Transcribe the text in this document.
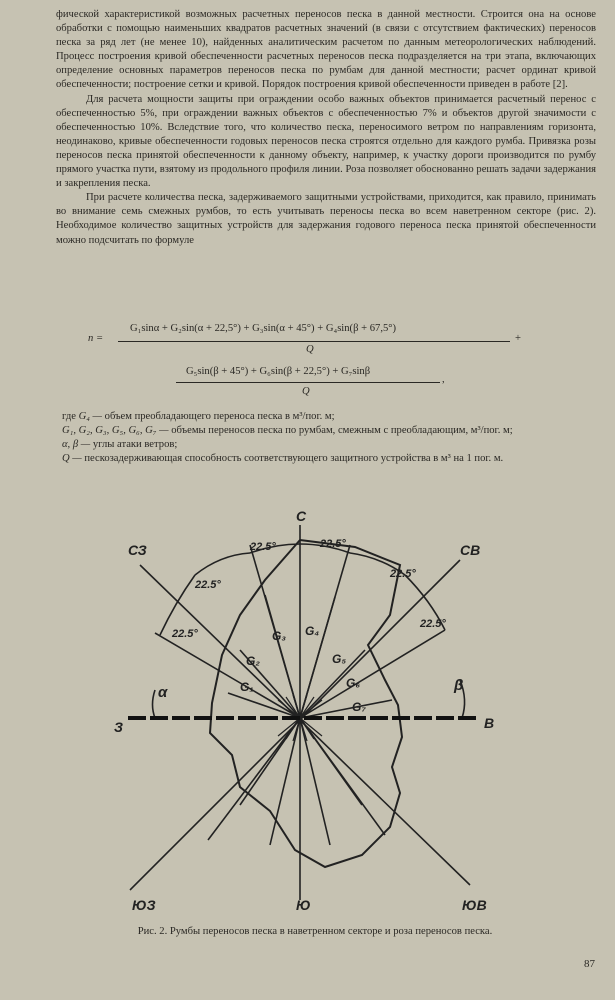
фической характеристикой возможных расчетных переносов песка в данной местности. Строится она на основе обработки с помощью наименьших квадратов расчетных значений (в связи с отсутствием фактических) переносов песка за ряд лет (не менее 10), найденных аналитическим расчетом по данным метеорологических наблюдений. Процесс построения кривой обеспеченности расчетных переносов песка подразделяется на три этапа, включающих определение основных параметров переносов песка по румбам для данной местности; расчет ординат кривой обеспеченности; построение сетки и кривой. Порядок построения кривой обеспеченности приведен в работе [2].

Для расчета мощности защиты при ограждении особо важных объектов принимается расчетный перенос с обеспеченностью 5%, при ограждении важных объектов с обеспеченностью 7% и объектов другой значимости с обеспеченностью 10%. Вследствие того, что количество песка, переносимого ветром по направлениям горизонта, неодинаково, кривые обеспеченности годовых переносов песка строятся отдельно для каждого румба. Привязка розы переносов песка принятой обеспеченности к данному объекту, например, к участку дороги производится по румбу прямого участка пути, взятому из продольного профиля линии. Роза позволяет обоснованно решать задачи задержания и закрепления песка.

При расчете количества песка, задерживаемого защитными устройствами, приходится, как правило, принимать во внимание семь смежных румбов, то есть учитывать переносы песка во всем наветренном секторе (рис. 2). Необходимое количество защитных устройств для задержания годового переноса песка принятой обеспеченности можно подсчитать по формуле

n =
G₁sinα + G₂sin(α + 22,5°) + G₃sin(α + 45°) + G₄sin(β + 67,5°)
Q
+
G₅sin(β + 45°) + G₆sin(β + 22,5°) + G₇sinβ
Q
,
где G₄ — объем преобладающего переноса песка в м³/пог. м;
G₁, G₂, G₃, G₅, G₆, G₇ — объемы переносов песка по румбам, смежным с преобладающим, м³/пог. м;
α, β — углы атаки ветров;
Q — пескозадерживающая способность соответствующего защитного устройства в м³ на 1 пог. м.
С
СЗ	СВ
З	В
ЮЗ	Ю	ЮВ
22.5°	22.5°
22.5°
22.5°
22.5°
22.5°
G₁
G₂
G₃ G₄
G₅
G₆
G₇
α	β
Рис. 2. Румбы переносов песка в наветренном секторе и роза переносов песка.
87
